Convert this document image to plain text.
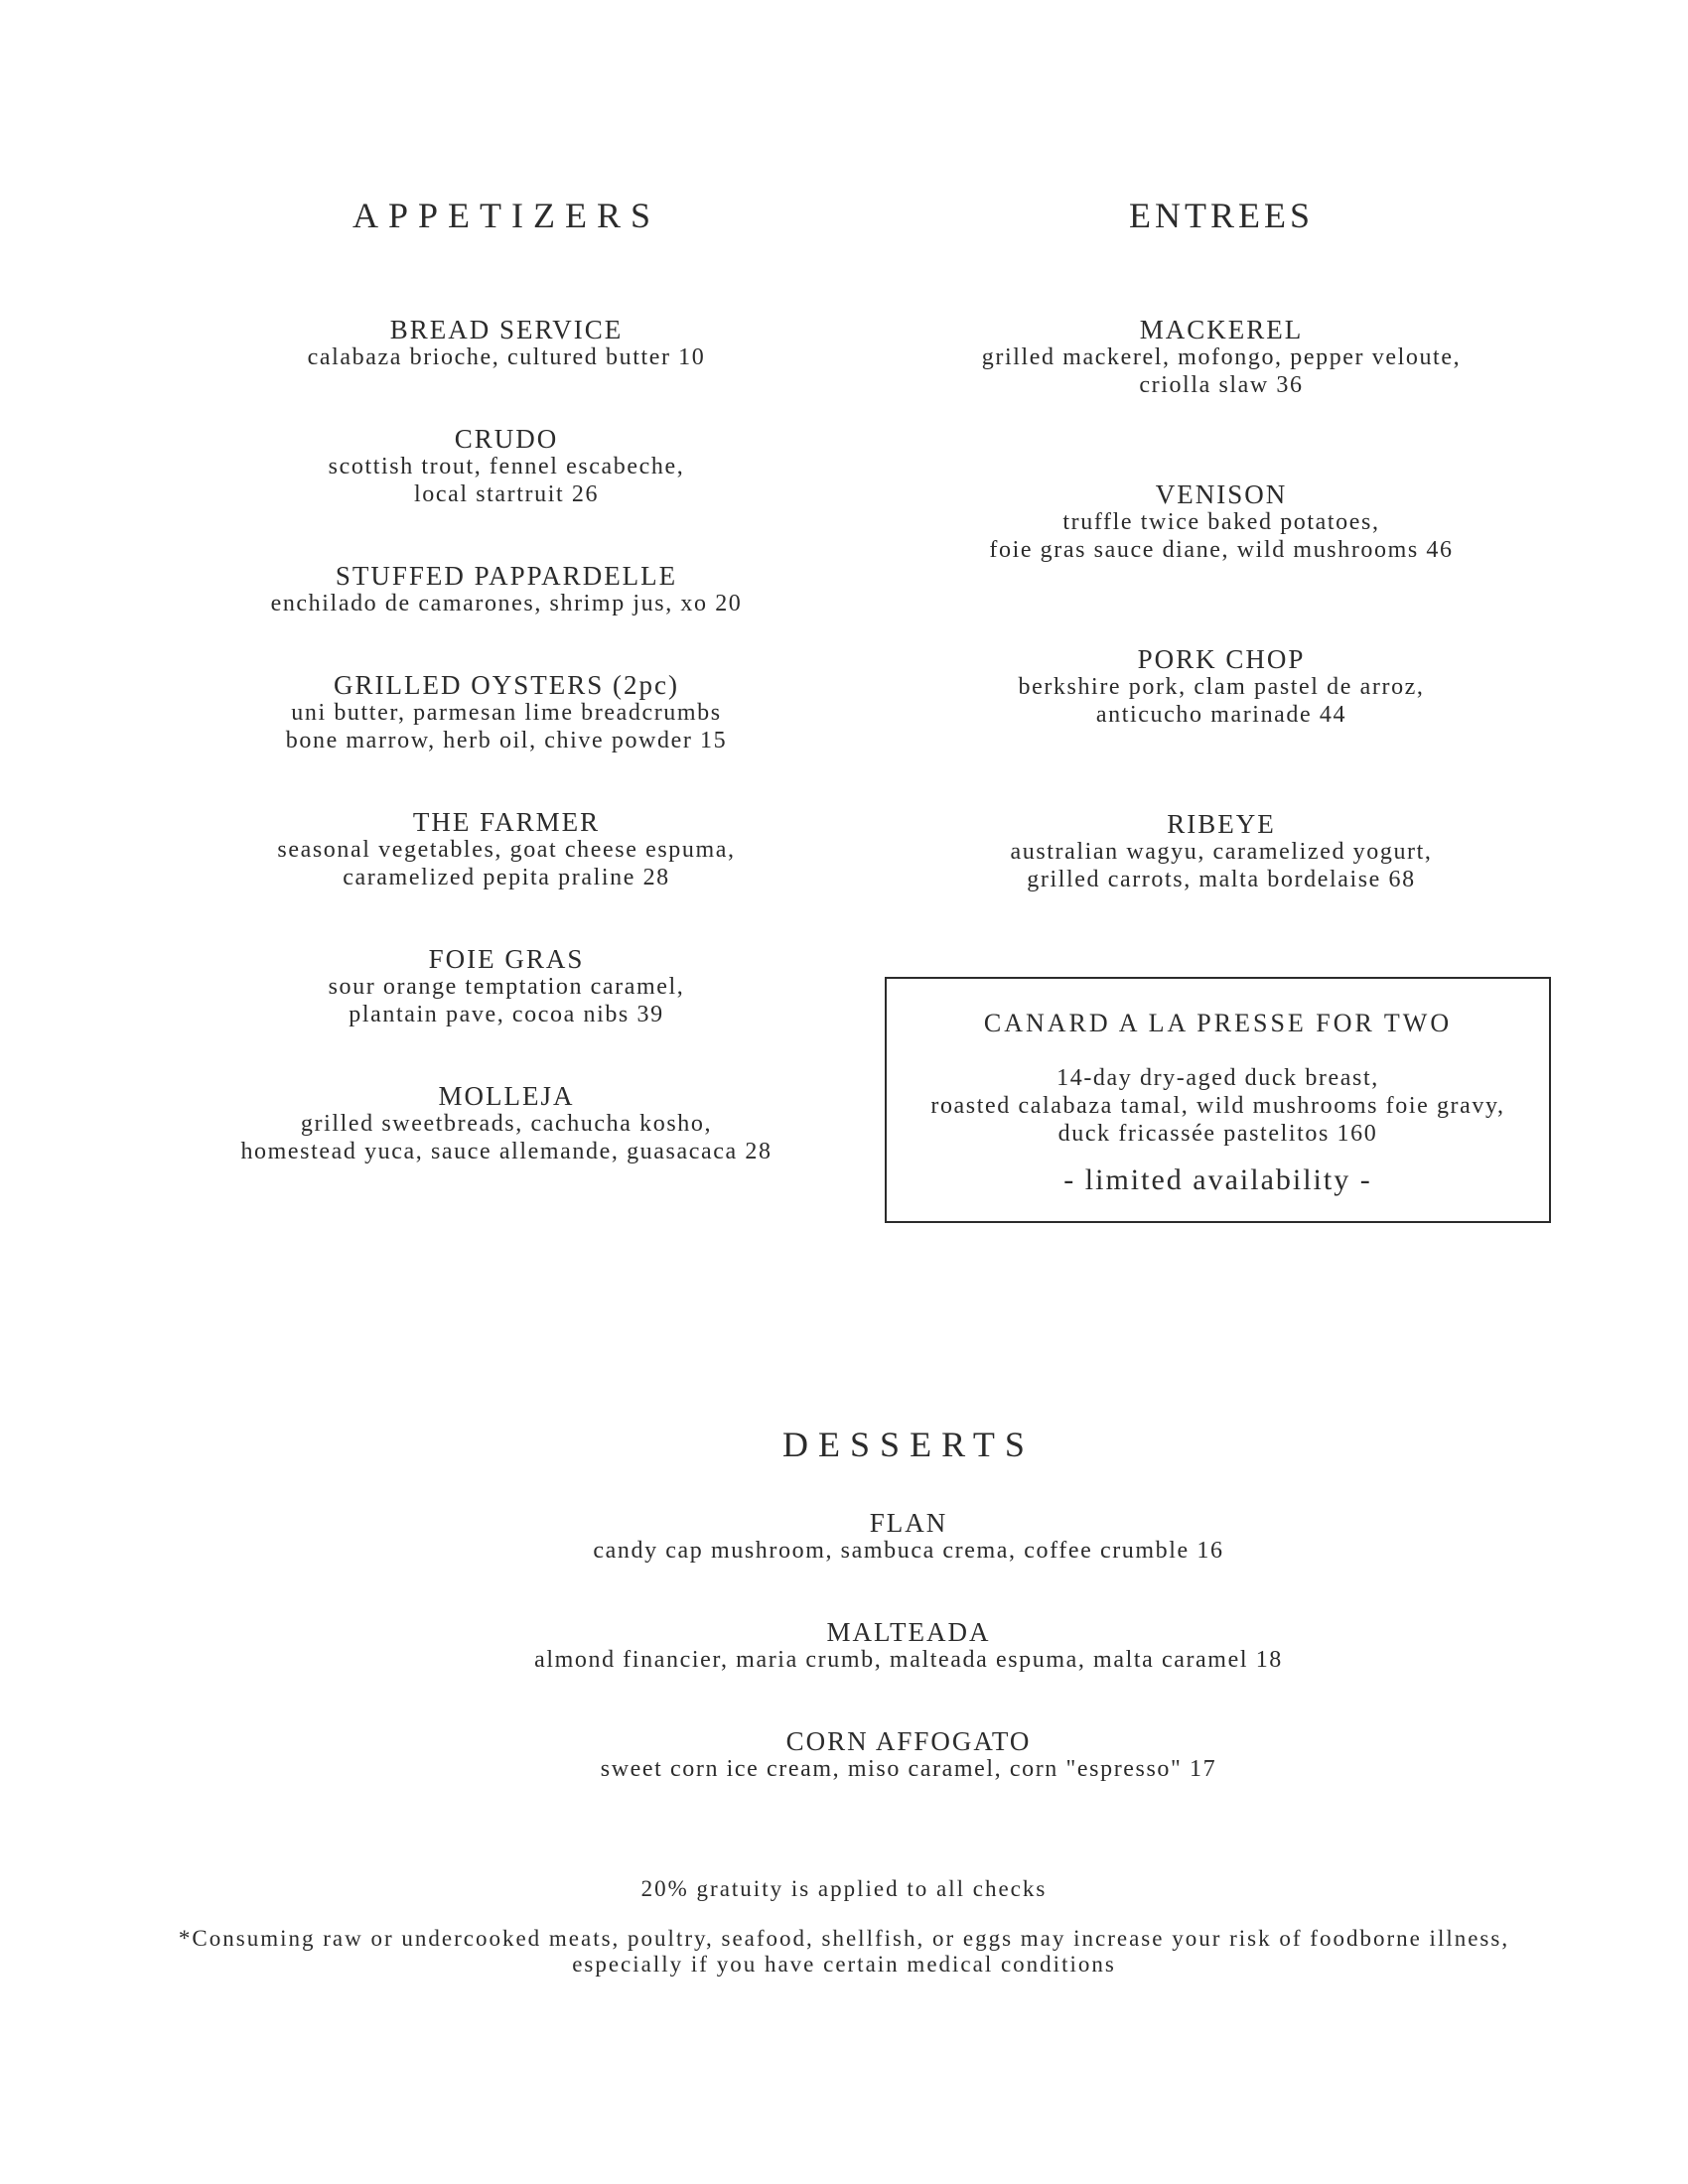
APPETIZERS
BREAD SERVICE
calabaza brioche, cultured butter 10
CRUDO
scottish trout, fennel escabeche,
local startruit 26
STUFFED PAPPARDELLE
enchilado de camarones, shrimp jus, xo 20
GRILLED OYSTERS (2pc)
uni butter, parmesan lime breadcrumbs
bone marrow, herb oil, chive powder 15
THE FARMER
seasonal vegetables, goat cheese espuma,
caramelized pepita praline 28
FOIE GRAS
sour orange temptation caramel,
plantain pave, cocoa nibs 39
MOLLEJA
grilled sweetbreads, cachucha kosho,
homestead yuca, sauce allemande, guasacaca 28
ENTREES
MACKEREL
grilled mackerel, mofongo, pepper veloute,
criolla slaw 36
VENISON
truffle twice baked potatoes,
foie gras sauce diane, wild mushrooms 46
PORK CHOP
berkshire pork, clam pastel de arroz,
anticucho marinade 44
RIBEYE
australian wagyu, caramelized yogurt,
grilled carrots, malta bordelaise 68
CANARD A LA PRESSE FOR TWO
14-day dry-aged duck breast,
roasted calabaza tamal, wild mushrooms foie gravy,
duck fricassée pastelitos 160
- limited availability -
DESSERTS
FLAN
candy cap mushroom, sambuca crema, coffee crumble 16
MALTEADA
almond financier, maria crumb, malteada espuma, malta caramel 18
CORN AFFOGATO
sweet corn ice cream, miso caramel, corn "espresso" 17
20% gratuity is applied to all checks
*Consuming raw or undercooked meats, poultry, seafood, shellfish, or eggs may increase your risk of foodborne illness,
especially if you have certain medical conditions
